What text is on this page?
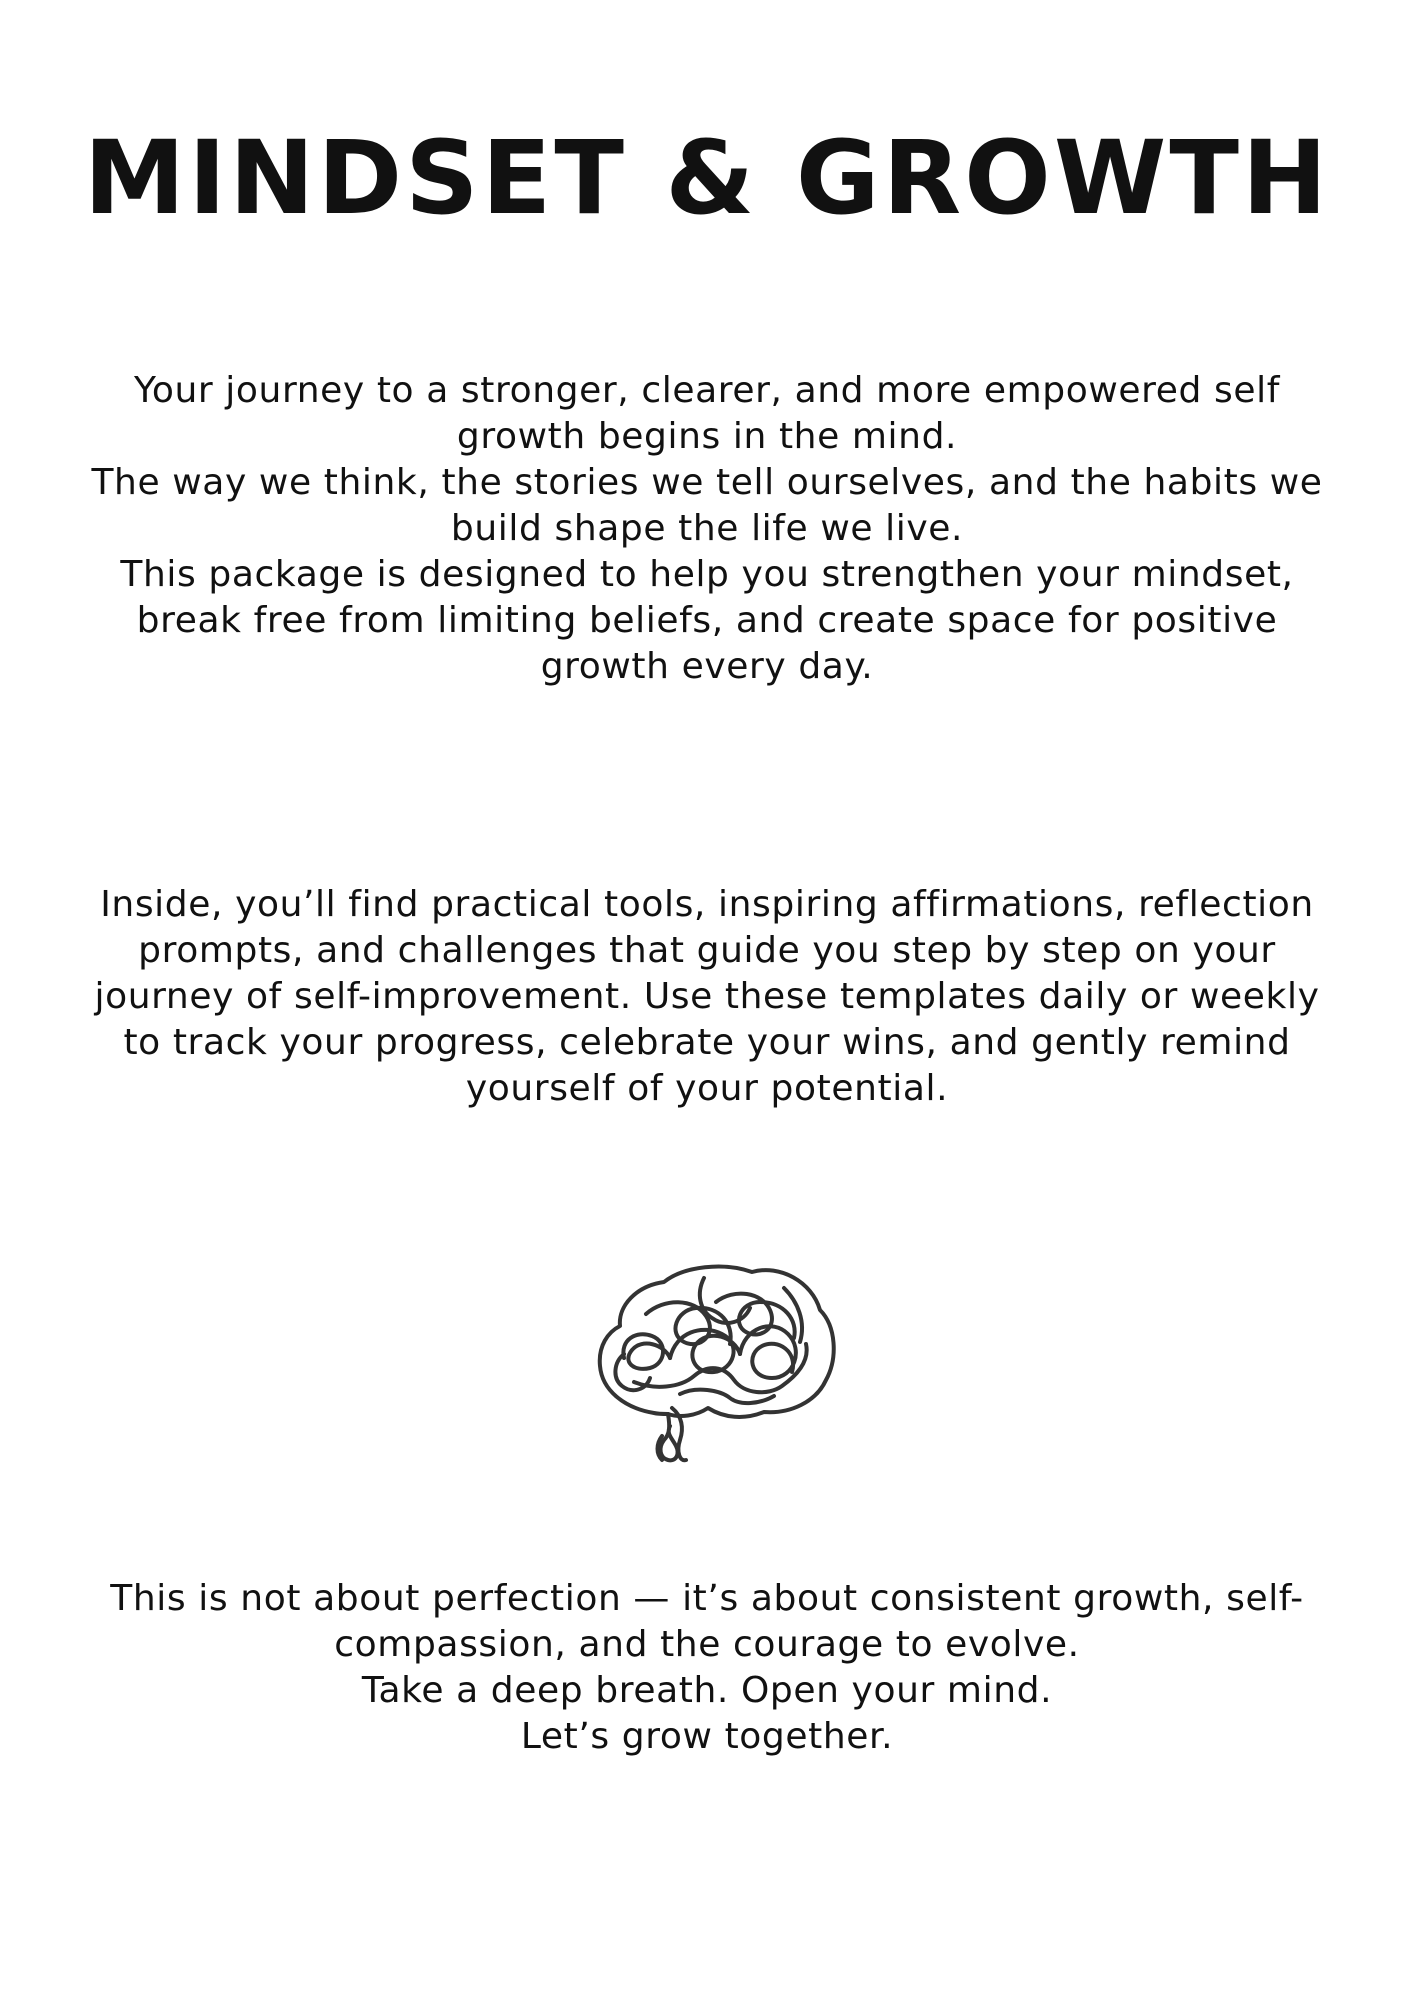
MINDSET & GROWTH
Your journey to a stronger, clearer, and more empowered self
growth begins in the mind.
The way we think, the stories we tell ourselves, and the habits we
build shape the life we live.
This package is designed to help you strengthen your mindset,
break free from limiting beliefs, and create space for positive
growth every day.
Inside, you’ll find practical tools, inspiring affirmations, reflection
prompts, and challenges that guide you step by step on your
journey of self-improvement. Use these templates daily or weekly
to track your progress, celebrate your wins, and gently remind
yourself of your potential.
This is not about perfection — it’s about consistent growth, self-
compassion, and the courage to evolve.
Take a deep breath. Open your mind.
Let’s grow together.
